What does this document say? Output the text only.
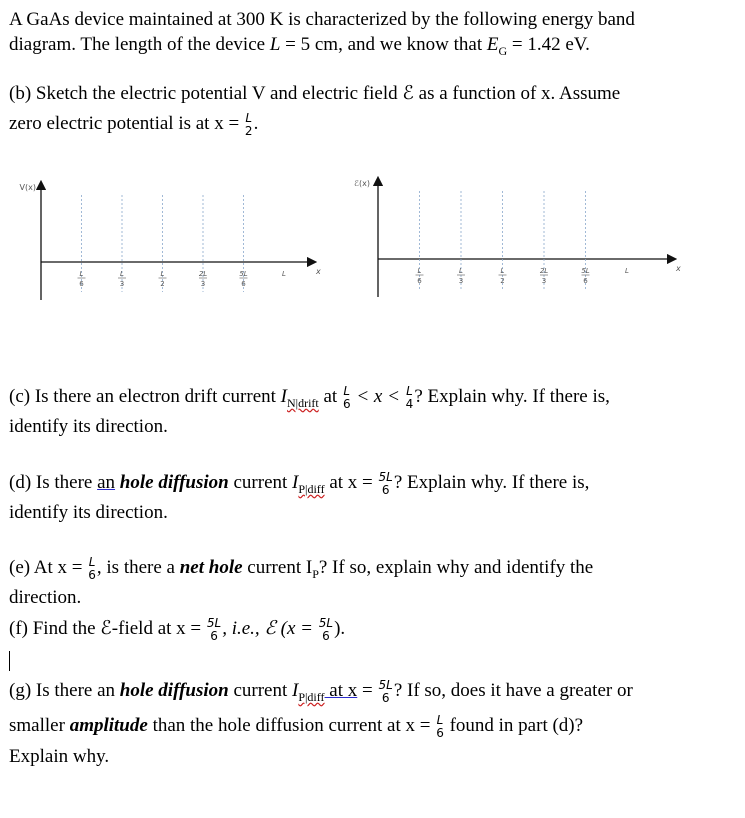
A GaAs device maintained at 300 K is characterized by the following energy band
diagram. The length of the device L = 5 cm, and we know that $E_G = 1.42$ eV.
(b) Sketch the electric potential V and electric field ℰ as a function of x. Assume
zero electric potential is at x = L
2 .
V(x)
x
L
6
L
3
L
2
2L
3
5L
6
L
ℰ(x)
x
L
6
L
3
L
2
2L
3
5L
6
L
(c) Is there an electron drift current $I_{N|drift}$ at L
6 < x < L
4 ? Explain why. If there is,
identify its direction.
(d) Is there an hole diffusion current $I_{P|diff}$ at x = 5L
6 ? Explain why. If there is,
identify its direction.
(e) At x = L
6 , is there a net hole current $I_P$? If so, explain why and identify the
direction.
(f) Find the ℰ-field at x = 5L
6 , i.e., ℰ (x = 5L
6 ).
(g) Is there an hole diffusion current $I_{P|diff}$ at x = 5L
6 ? If so, does it have a greater or
smaller amplitude than the hole diffusion current at x = L
6 found in part (d)?
Explain why.
